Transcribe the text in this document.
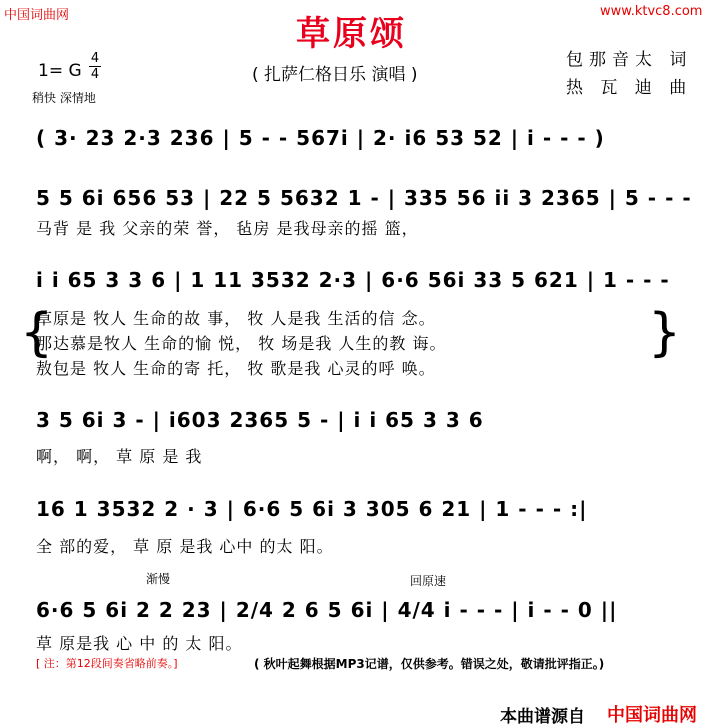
中国词曲网	www.ktvc8.com
草原颂
1= G
4
4
稍快 深情地
( 扎萨仁格日乐 演唱 )
包那音太 词
热 瓦 迪 曲
( 3· 23 2·3 236 | 5 - - 567i | 2· i6 53 52 | i - - - )
5 5 6i 656 53 | 22 5 5632 1 - | 335 56 ii 3 2365 | 5 - - -
马背 是 我 父亲的荣 誉， 毡房 是我母亲的摇 篮，
i i 65 3 3 6 | 1 11 3532 2·3 | 6·6 56i 33 5 621 | 1 - - -
{
草原是 牧人 生命的故 事， 牧 人是我 生活的信 念。
那达慕是牧人 生命的愉 悦， 牧 场是我 人生的教 诲。
敖包是 牧人 生命的寄 托， 牧 歌是我 心灵的呼 唤。
}
3 5 6i 3 - | i603 2365 5 - | i i 65 3 3 6
啊， 啊， 草 原 是 我
16 1 3532 2 · 3 | 6·6 5 6i 3 305 6 21 | 1 - - - :|
全 部的爱， 草 原 是我 心中 的太 阳。
渐慢	回原速
6·6 5 6i 2 2 23 | 2/4 2 6 5 6i | 4/4 i - - - | i - - 0 ||
草 原是我 心 中 的 太 阳。
[ 注：第12段间奏省略前奏。]	( 秋叶起舞根据MP3记谱，仅供参考。错误之处，敬请批评指正。)
本曲谱源自 中国词曲网
